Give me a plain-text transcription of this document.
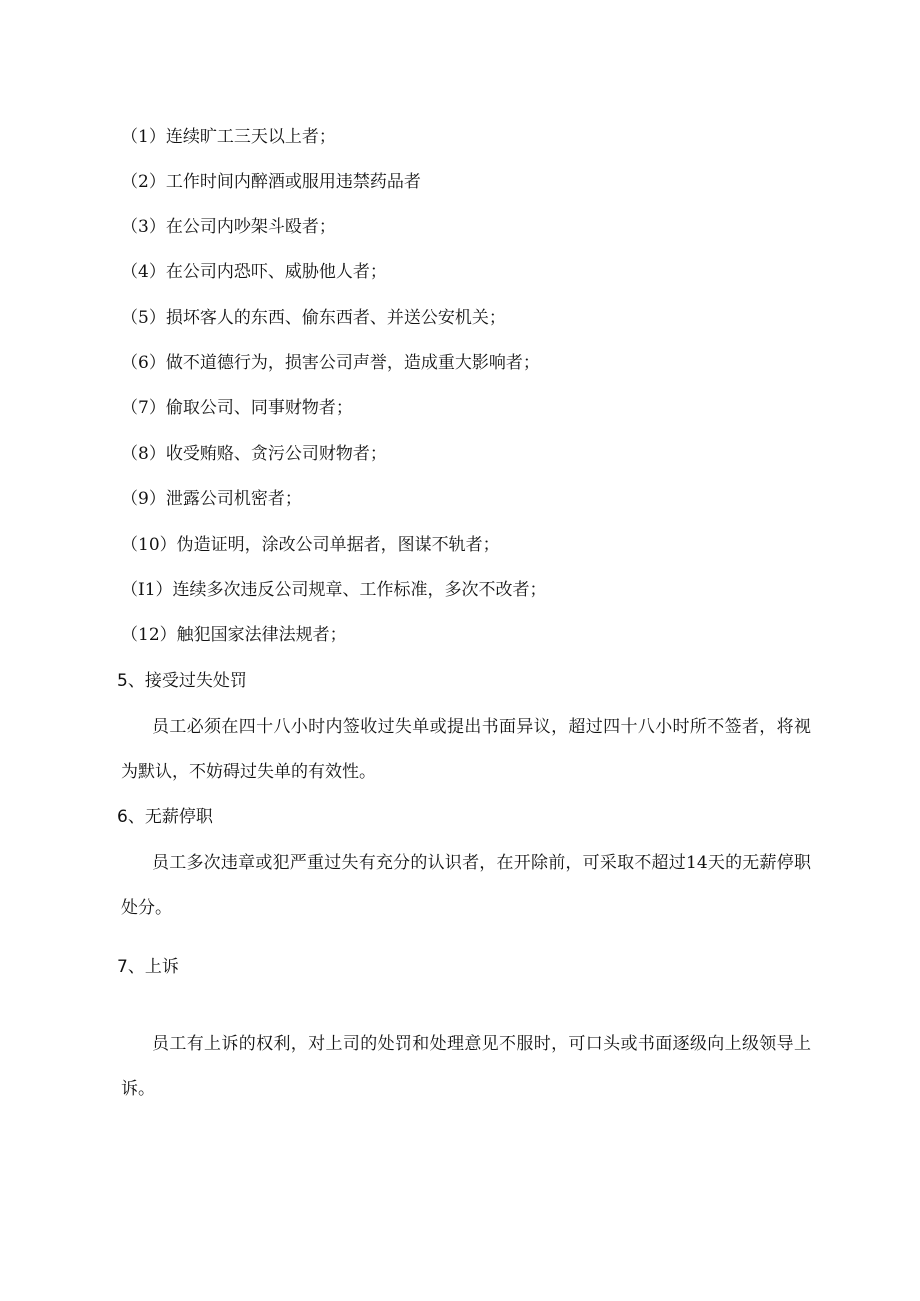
（1）连续旷工三天以上者；
（2）工作时间内醉酒或服用违禁药品者
（3）在公司内吵架斗殴者；
（4）在公司内恐吓、威胁他人者；
（5）损坏客人的东西、偷东西者、并送公安机关；
（6）做不道德行为，损害公司声誉，造成重大影响者；
（7）偷取公司、同事财物者；
（8）收受贿赂、贪污公司财物者；
（9）泄露公司机密者；
（10）伪造证明，涂改公司单据者，图谋不轨者；
（I1）连续多次违反公司规章、工作标准，多次不改者；
（12）触犯国家法律法规者；
5、接受过失处罚
员工必须在四十八小时内签收过失单或提出书面异议，超过四十八小时所不签者，将视为默认，不妨碍过失单的有效性。
6、无薪停职
员工多次违章或犯严重过失有充分的认识者，在开除前，可采取不超过14天的无薪停职处分。
7、上诉
员工有上诉的权利，对上司的处罚和处理意见不服时，可口头或书面逐级向上级领导上诉。
